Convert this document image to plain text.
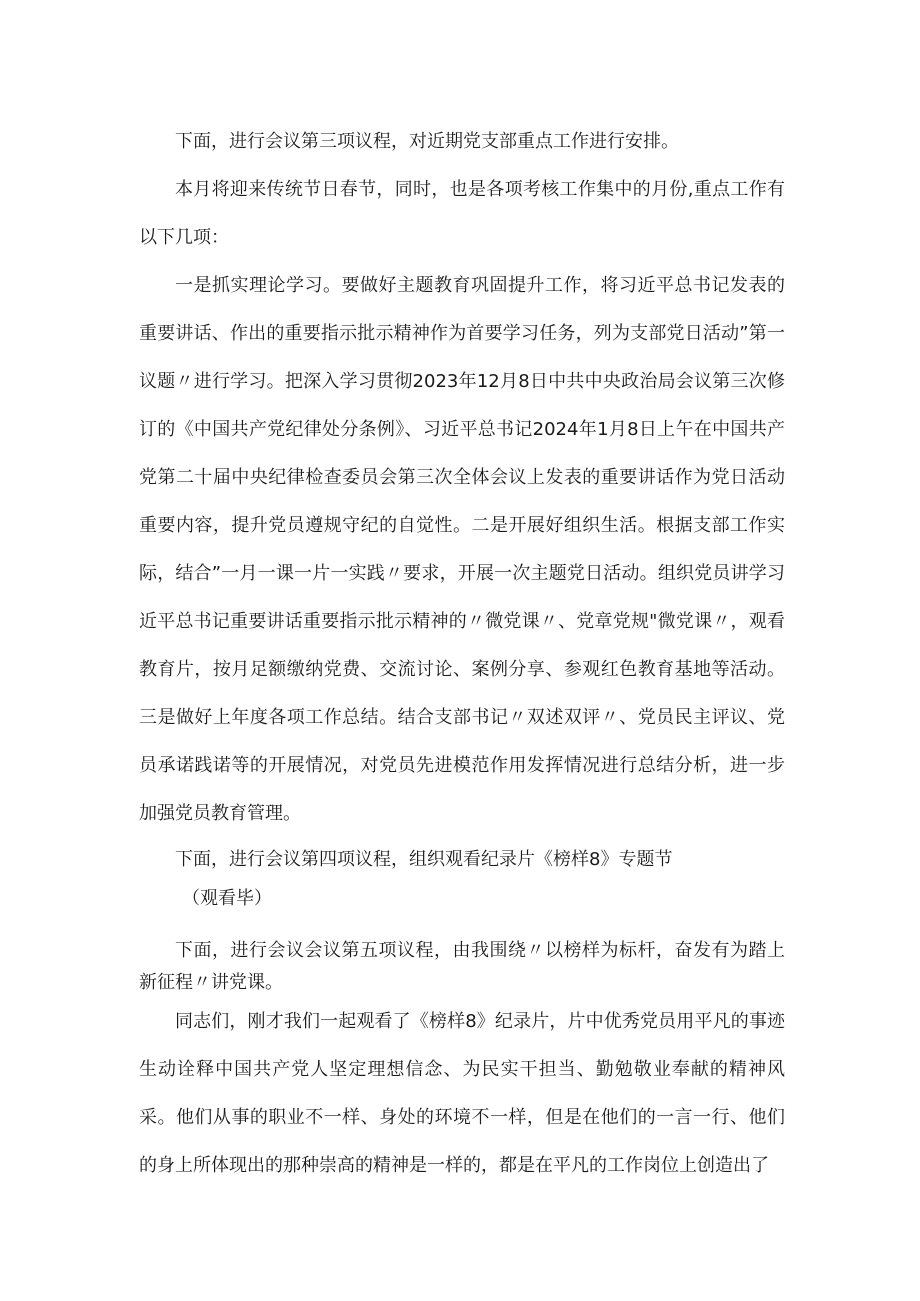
下面，进行会议第三项议程，对近期党支部重点工作进行安排。

本月将迎来传统节日春节，同时，也是各项考核工作集中的月份,重点工作有以下几项：

一是抓实理论学习。要做好主题教育巩固提升工作，将习近平总书记发表的重要讲话、作出的重要指示批示精神作为首要学习任务，列为支部党日活动”第一议题〃进行学习。把深入学习贯彻2023年12月8日中共中央政治局会议第三次修订的《中国共产党纪律处分条例》、习近平总书记2024年1月8日上午在中国共产党第二十届中央纪律检查委员会第三次全体会议上发表的重要讲话作为党日活动重要内容，提升党员遵规守纪的自觉性。二是开展好组织生活。根据支部工作实际，结合”一月一课一片一实践〃要求，开展一次主题党日活动。组织党员讲学习近平总书记重要讲话重要指示批示精神的〃微党课〃、党章党规"微党课〃，观看教育片，按月足额缴纳党费、交流讨论、案例分享、参观红色教育基地等活动。三是做好上年度各项工作总结。结合支部书记〃双述双评〃、党员民主评议、党员承诺践诺等的开展情况，对党员先进模范作用发挥情况进行总结分析，进一步加强党员教育管理。

下面，进行会议第四项议程，组织观看纪录片《榜样8》专题节

（观看毕）

下面，进行会议会议第五项议程，由我围绕〃以榜样为标杆，奋发有为踏上新征程〃讲党课。

同志们，刚才我们一起观看了《榜样8》纪录片，片中优秀党员用平凡的事迹生动诠释中国共产党人坚定理想信念、为民实干担当、勤勉敬业奉献的精神风采。他们从事的职业不一样、身处的环境不一样，但是在他们的一言一行、他们的身上所体现出的那种崇高的精神是一样的，都是在平凡的工作岗位上创造出了
